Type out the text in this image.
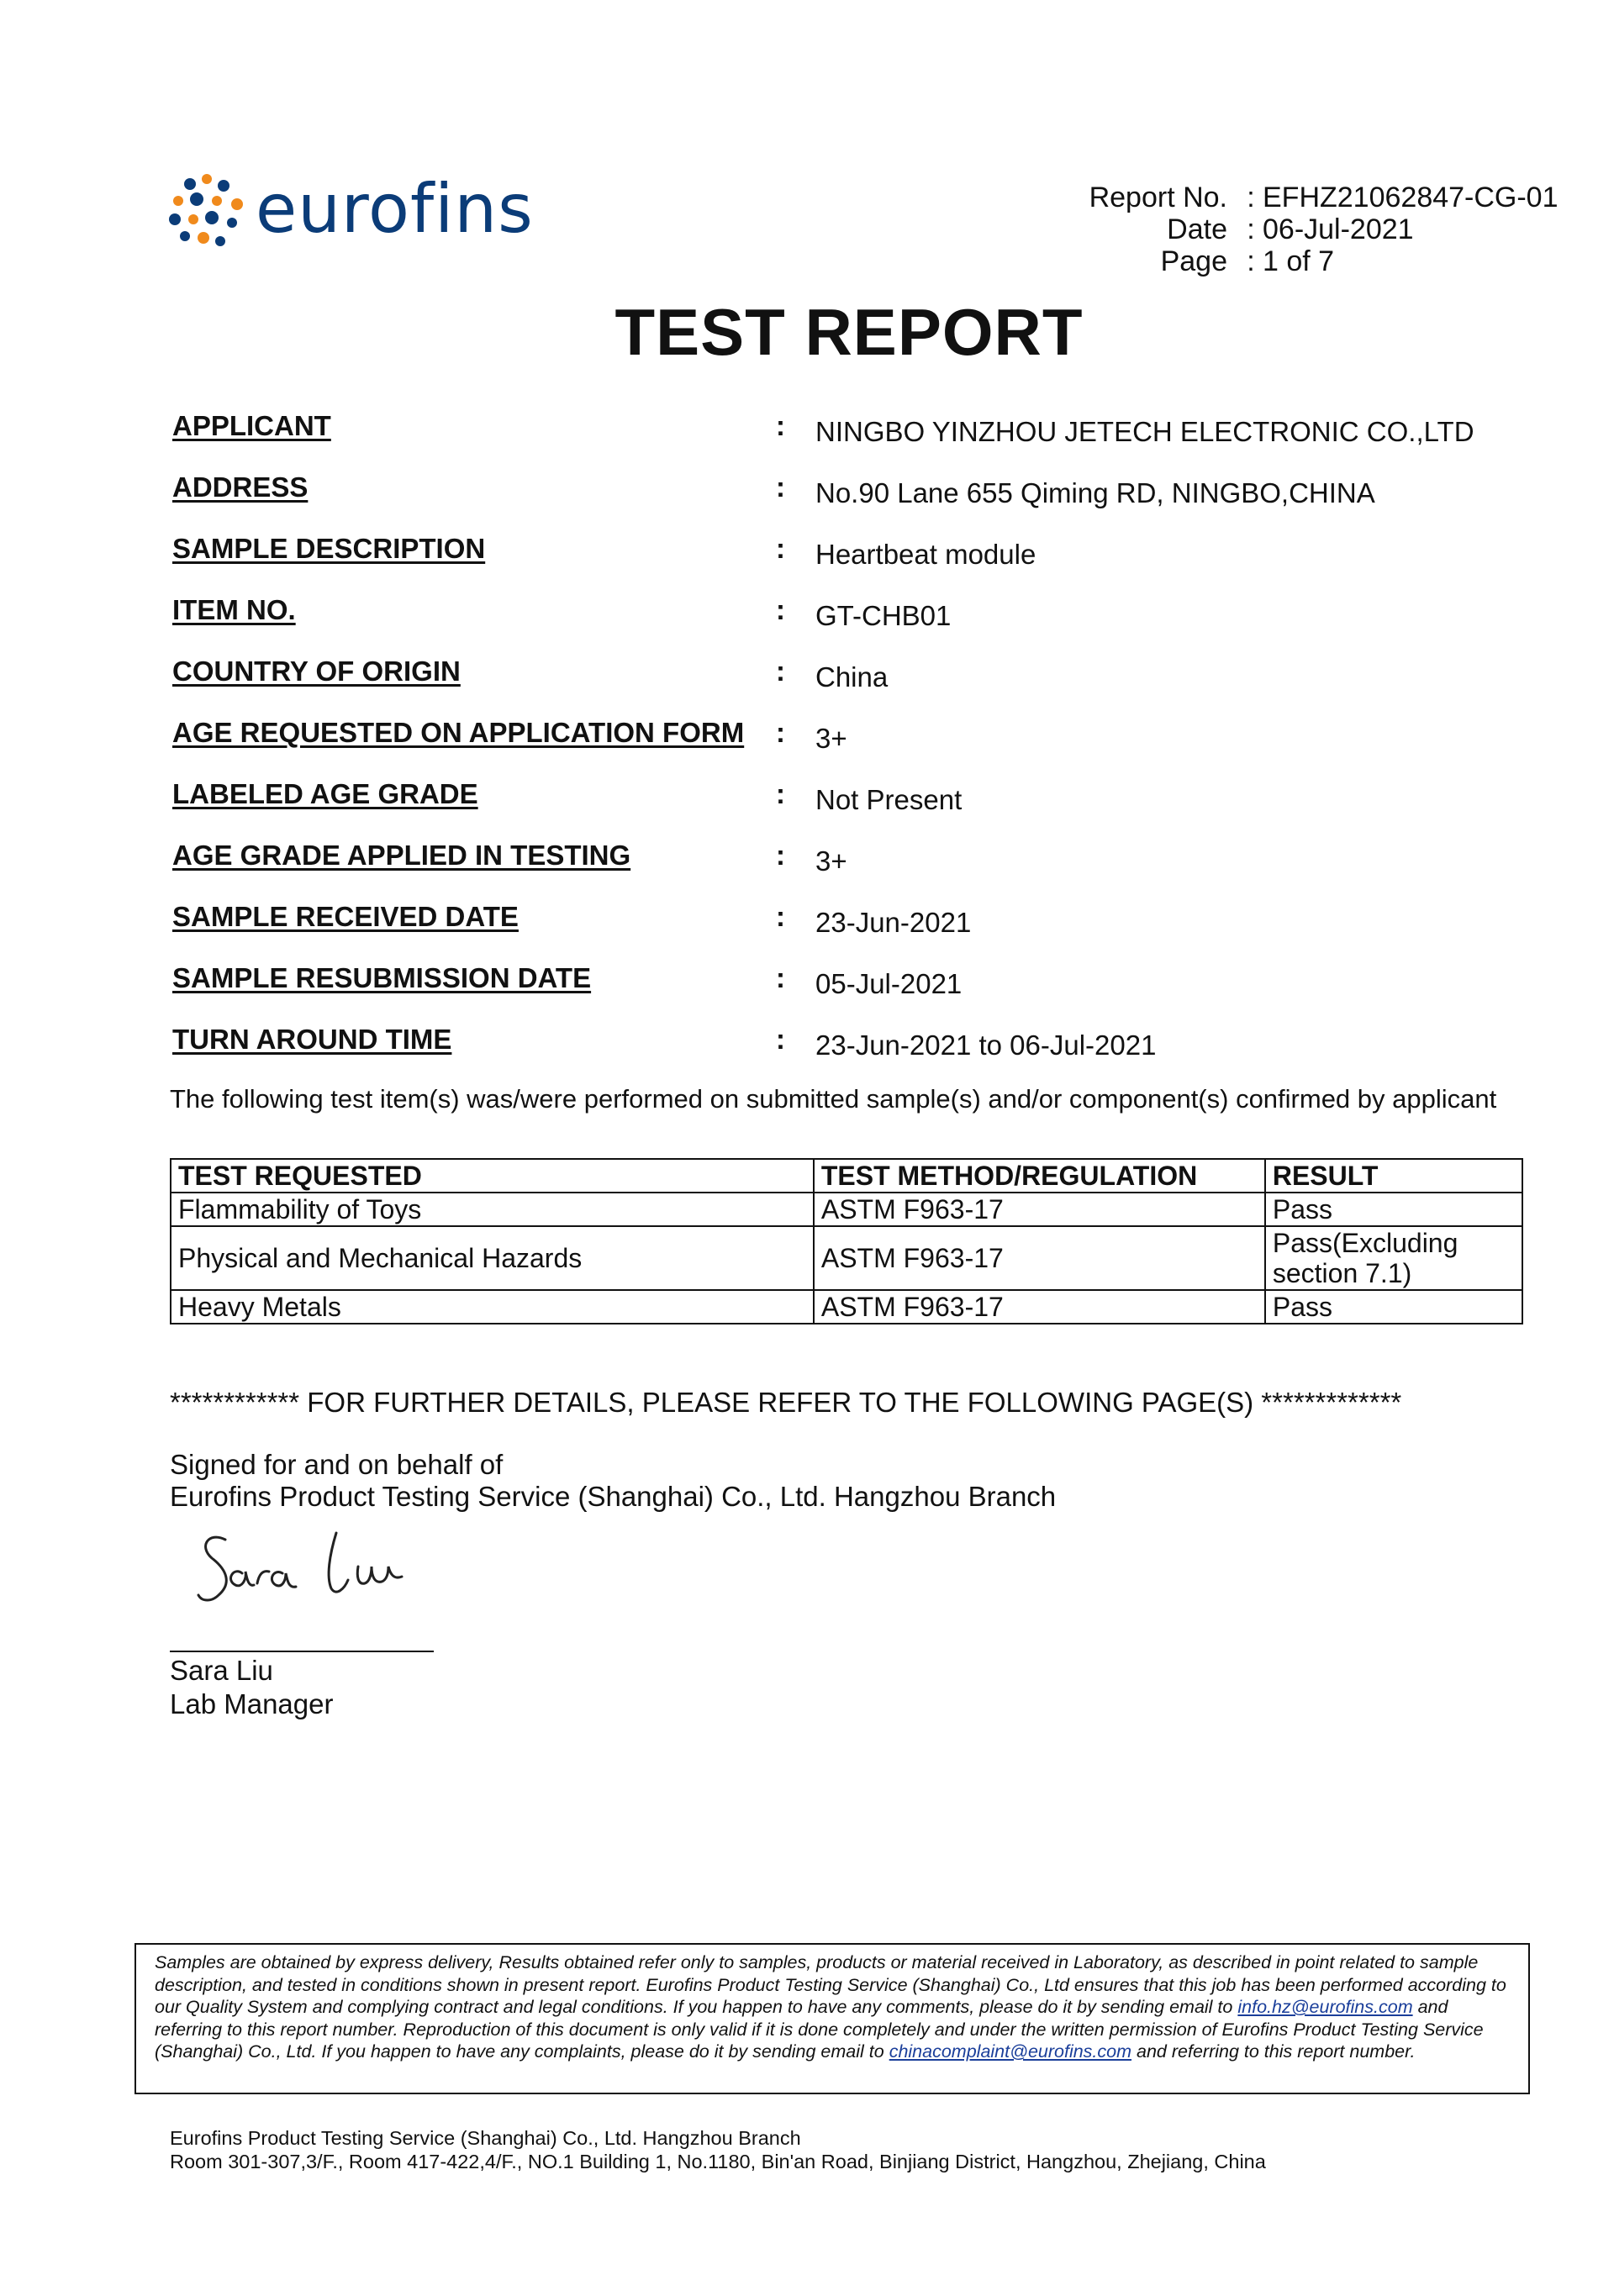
eurofins	Report No. : EFHZ21062847-CG-01
Date : 06-Jul-2021
Page : 1 of 7
TEST REPORT
APPLICANT	: NINGBO YINZHOU JETECH ELECTRONIC CO.,LTD
ADDRESS	: No.90 Lane 655 Qiming RD, NINGBO,CHINA
SAMPLE DESCRIPTION	: Heartbeat module
ITEM NO.	: GT-CHB01
COUNTRY OF ORIGIN	: China
AGE REQUESTED ON APPLICATION FORM : 3+
LABELED AGE GRADE	: Not Present
AGE GRADE APPLIED IN TESTING	: 3+
SAMPLE RECEIVED DATE	: 23-Jun-2021
SAMPLE RESUBMISSION DATE	: 05-Jul-2021
TURN AROUND TIME	: 23-Jun-2021 to 06-Jul-2021
The following test item(s) was/were performed on submitted sample(s) and/or component(s) confirmed by applicant
TEST REQUESTED	TEST METHOD/REGULATION	RESULT
Flammability of Toys	ASTM F963-17	Pass
Physical and Mechanical Hazards	ASTM F963-17	Pass(Excluding section 7.1)
Heavy Metals	ASTM F963-17	Pass
************ FOR FURTHER DETAILS, PLEASE REFER TO THE FOLLOWING PAGE(S) *************
Signed for and on behalf of
Eurofins Product Testing Service (Shanghai) Co., Ltd. Hangzhou Branch
Sara Liu
Lab Manager
Samples are obtained by express delivery, Results obtained refer only to samples, products or material received in Laboratory, as described in point related to sample description, and tested in conditions shown in present report. Eurofins Product Testing Service (Shanghai) Co., Ltd ensures that this job has been performed according to our Quality System and complying contract and legal conditions. If you happen to have any comments, please do it by sending email to info.hz@eurofins.com and referring to this report number. Reproduction of this document is only valid if it is done completely and under the written permission of Eurofins Product Testing Service (Shanghai) Co., Ltd. If you happen to have any complaints, please do it by sending email to chinacomplaint@eurofins.com and referring to this report number.
Eurofins Product Testing Service (Shanghai) Co., Ltd. Hangzhou Branch
Room 301-307,3/F., Room 417-422,4/F., NO.1 Building 1, No.1180, Bin'an Road, Binjiang District, Hangzhou, Zhejiang, China
